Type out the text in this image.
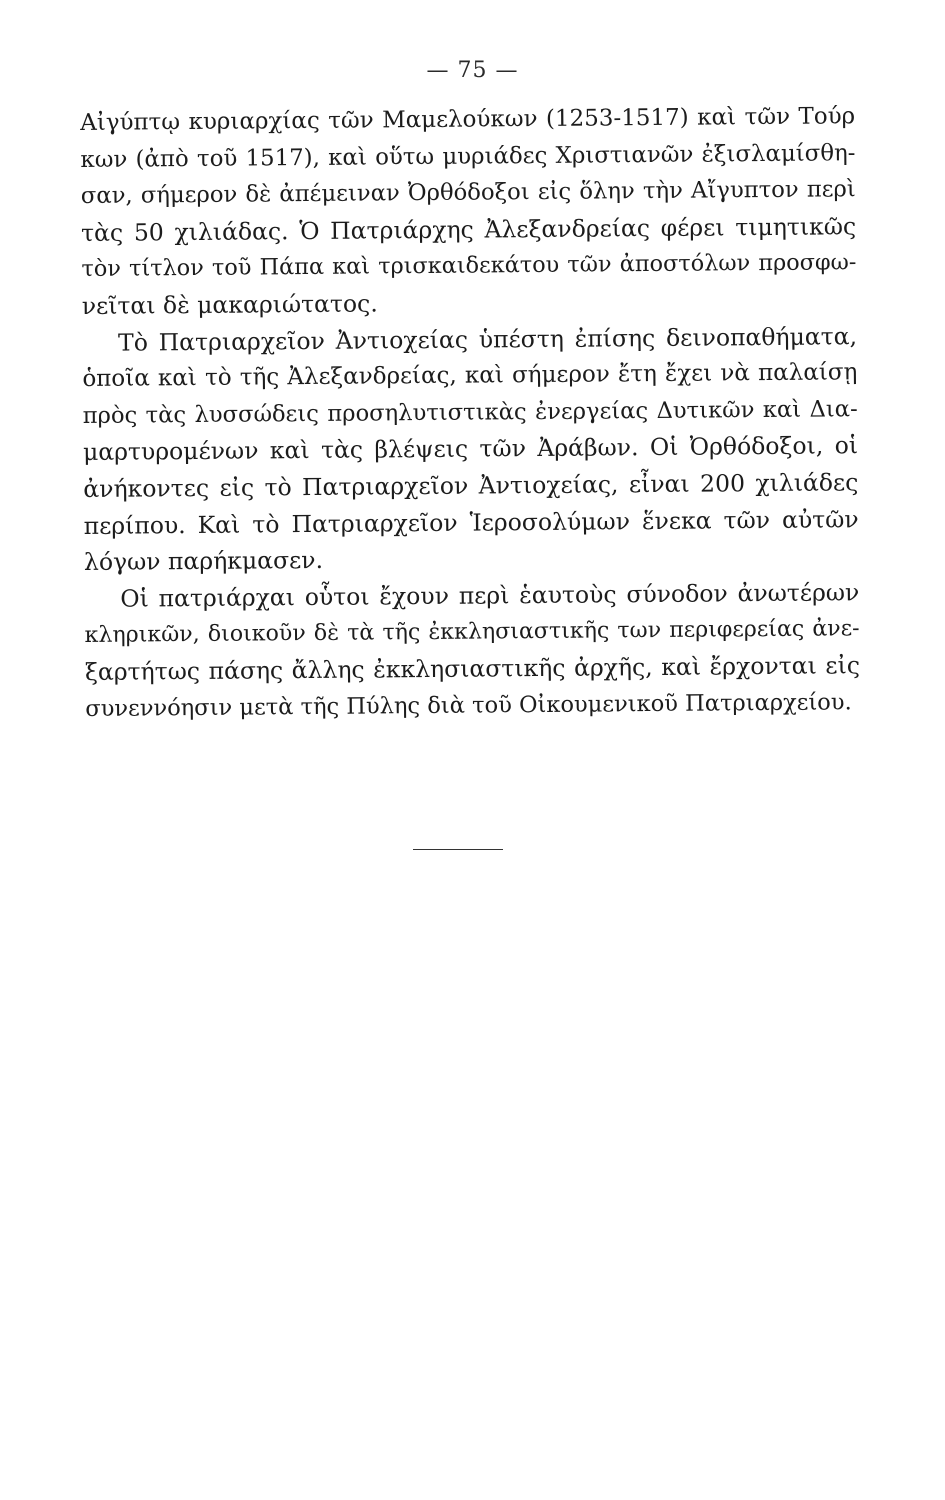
— 75 —
Αἰγύπτῳ κυριαρχίας τῶν Μαμελούκων (1253-1517) καὶ τῶν Τούρ
κων (ἀπὸ τοῦ 1517), καὶ οὕτω μυριάδες Χριστιανῶν ἐξισλαμίσθη-
σαν, σήμερον δὲ ἀπέμειναν Ὀρθόδοξοι εἰς ὅλην τὴν Αἴγυπτον περὶ
τὰς 50 χιλιάδας. Ὁ Πατριάρχης Ἀλεξανδρείας φέρει τιμητικῶς
τὸν τίτλον τοῦ Πάπα καὶ τρισκαιδεκάτου τῶν ἀποστόλων προσφω-
νεῖται δὲ μακαριώτατος.
Τὸ Πατριαρχεῖον Ἀντιοχείας ὑπέστη ἐπίσης δεινοπαθήματα,
ὁποῖα καὶ τὸ τῆς Ἀλεξανδρείας, καὶ σήμερον ἔτη ἔχει νὰ παλαίσῃ
πρὸς τὰς λυσσώδεις προσηλυτιστικὰς ἐνεργείας Δυτικῶν καὶ Δια-
μαρτυρομένων καὶ τὰς βλέψεις τῶν Ἀράβων. Οἱ Ὀρθόδοξοι, οἱ
ἀνήκοντες εἰς τὸ Πατριαρχεῖον Ἀντιοχείας, εἶναι 200 χιλιάδες
περίπου. Καὶ τὸ Πατριαρχεῖον Ἱεροσολύμων ἕνεκα τῶν αὐτῶν
λόγων παρήκμασεν.
Οἱ πατριάρχαι οὗτοι ἔχουν περὶ ἑαυτοὺς σύνοδον ἀνωτέρων
κληρικῶν, διοικοῦν δὲ τὰ τῆς ἐκκλησιαστικῆς των περιφερείας ἀνε-
ξαρτήτως πάσης ἄλλης ἐκκλησιαστικῆς ἀρχῆς, καὶ ἔρχονται εἰς
συνεννόησιν μετὰ τῆς Πύλης διὰ τοῦ Οἰκουμενικοῦ Πατριαρχείου.
